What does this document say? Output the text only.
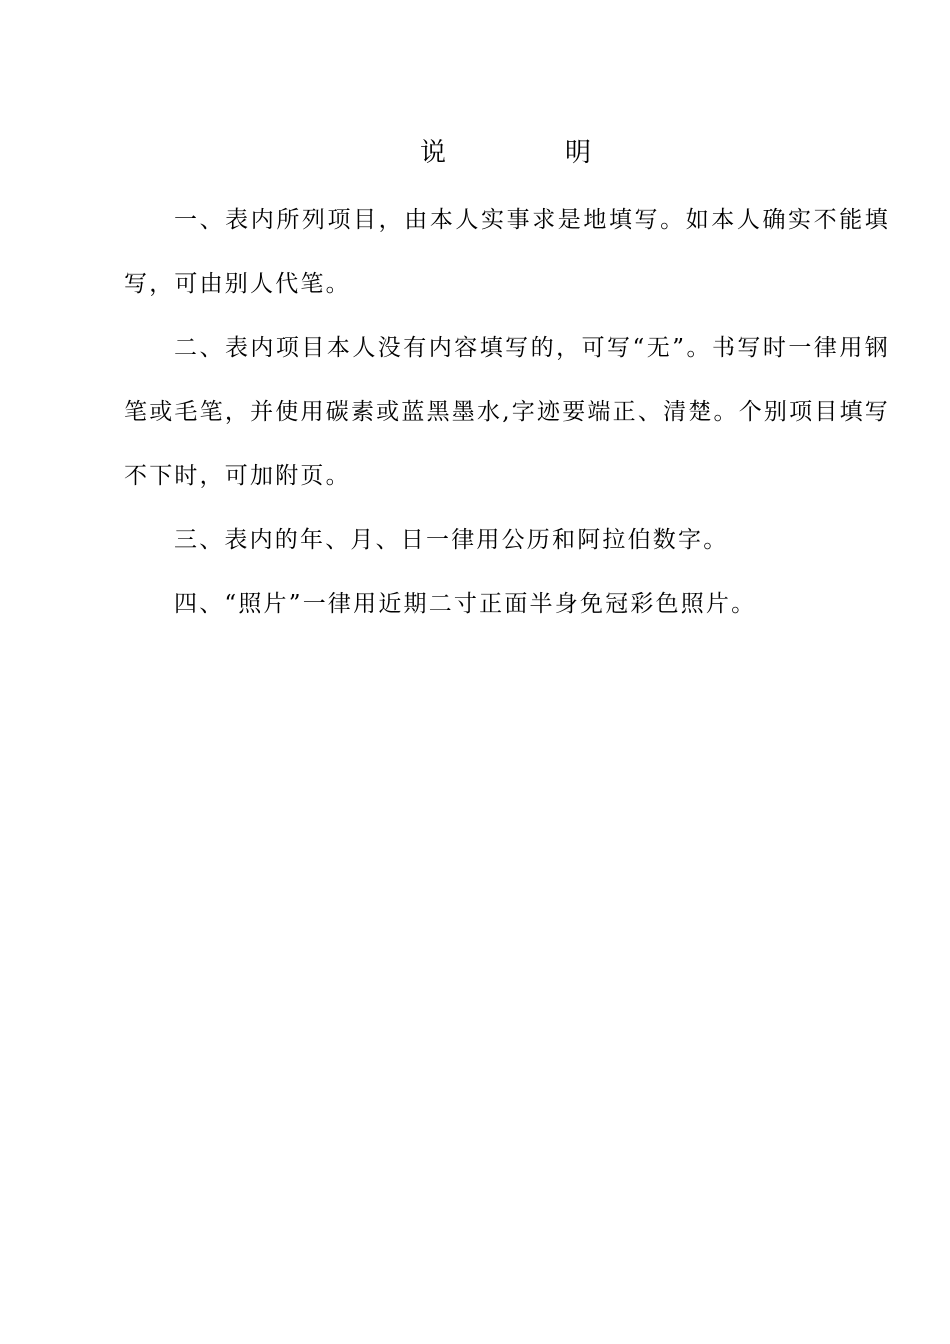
说	明

一、表内所列项目，由本人实事求是地填写。如本人确实不能填写，可由别人代笔。

二、表内项目本人没有内容填写的，可写“无”。书写时一律用钢笔或毛笔，并使用碳素或蓝黑墨水,字迹要端正、清楚。个别项目填写不下时，可加附页。

三、表内的年、月、日一律用公历和阿拉伯数字。

四、“照片”一律用近期二寸正面半身免冠彩色照片。
